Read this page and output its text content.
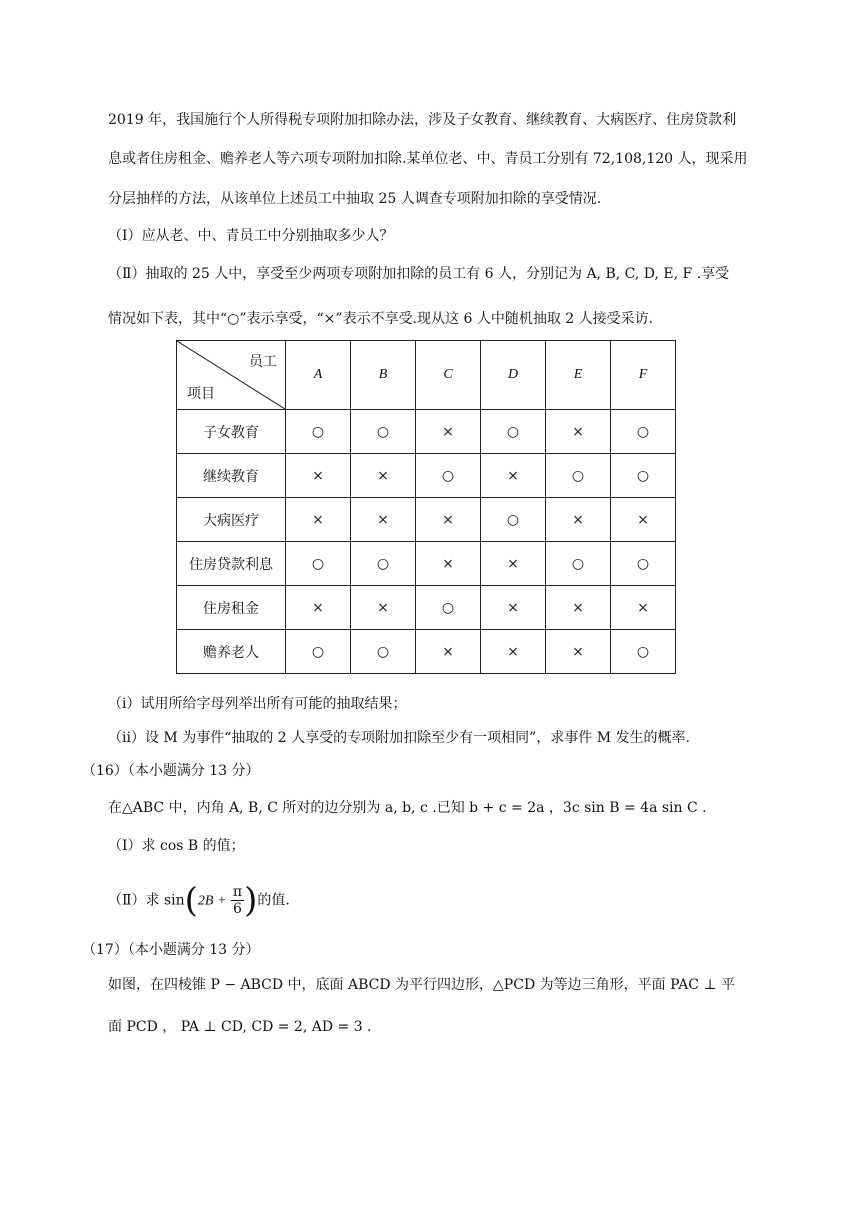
2019 年，我国施行个人所得税专项附加扣除办法，涉及子女教育、继续教育、大病医疗、住房贷款利
息或者住房租金、赡养老人等六项专项附加扣除.某单位老、中、青员工分别有 72,108,120 人，现采用
分层抽样的方法，从该单位上述员工中抽取 25 人调查专项附加扣除的享受情况.
（Ⅰ）应从老、中、青员工中分别抽取多少人？
（Ⅱ）抽取的 25 人中，享受至少两项专项附加扣除的员工有 6 人，分别记为 A, B, C, D, E, F .享受
情况如下表，其中“○”表示享受，“×”表示不享受.现从这 6 人中随机抽取 2 人接受采访.
员工
项目	A	B	C	D	E	F
子女教育	○	○	×	○	×	○
继续教育	×	×	○	×	○	○
大病医疗	×	×	×	○	×	×
住房贷款利息	○	○	×	×	○	○
住房租金	×	×	○	×	×	×
赡养老人	○	○	×	×	×	○
（i）试用所给字母列举出所有可能的抽取结果；
（ii）设 M 为事件“抽取的 2 人享受的专项附加扣除至少有一项相同”，求事件 M 发生的概率.
（16）（本小题满分 13 分）
在△ABC 中，内角 A, B, C 所对的边分别为 a, b, c .已知 b + c = 2a ，3c sin B = 4a sin C .
（Ⅰ）求 cos B 的值；
（Ⅱ）求 $\sin(2B + \frac{\pi}{6}$ )的值.
（17）（本小题满分 13 分）
如图，在四棱锥 P − ABCD 中，底面 ABCD 为平行四边形，△PCD 为等边三角形，平面 PAC ⊥ 平
面 PCD ， PA ⊥ CD, CD = 2, AD = 3 .
